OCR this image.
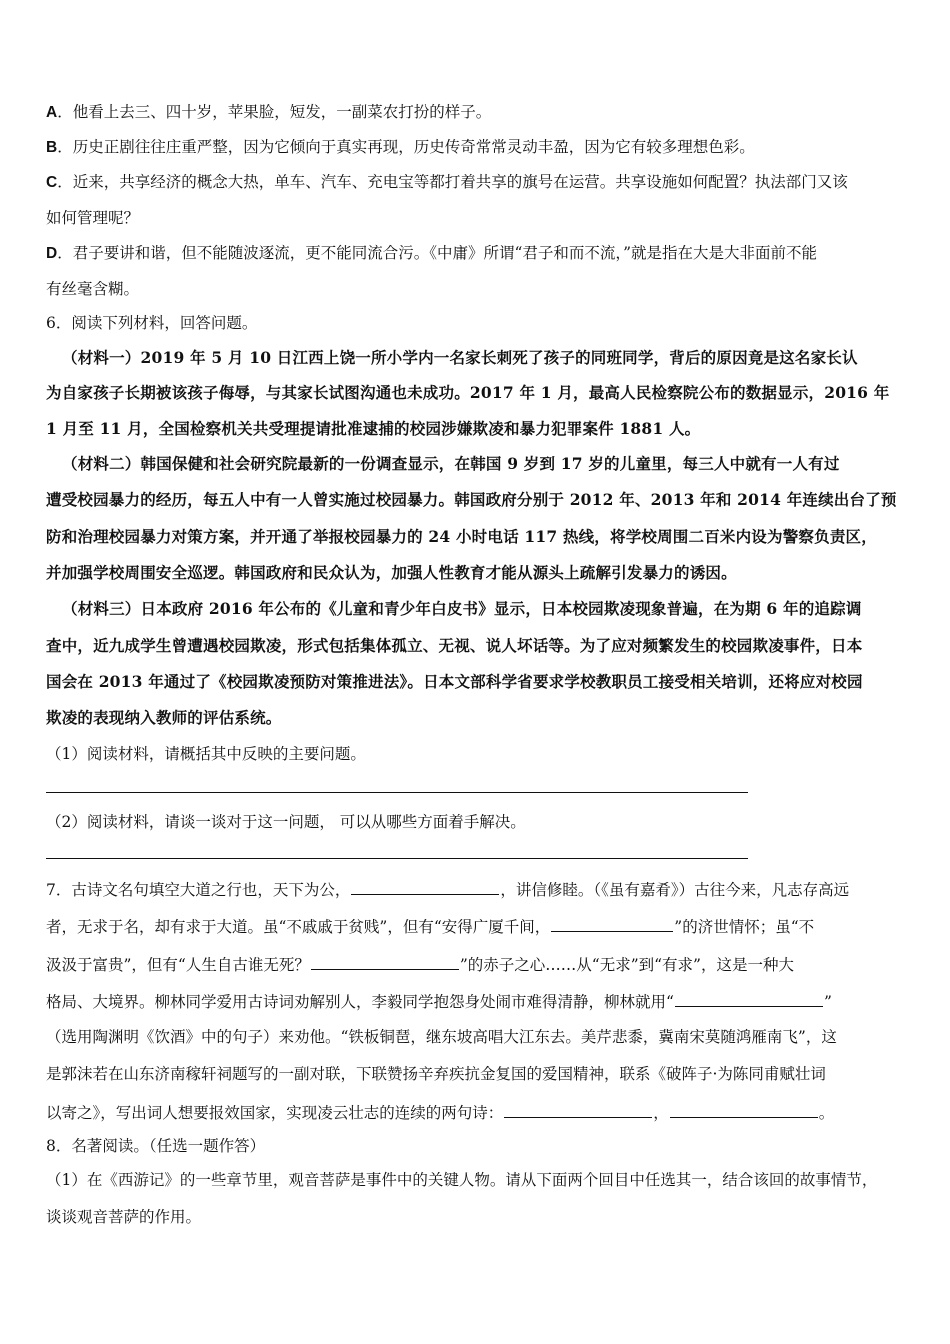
A．他看上去三、四十岁，苹果脸，短发，一副菜农打扮的样子。
B．历史正剧往往庄重严整，因为它倾向于真实再现，历史传奇常常灵动丰盈，因为它有较多理想色彩。
C．近来，共享经济的概念大热，单车、汽车、充电宝等都打着共享的旗号在运营。共享设施如何配置？执法部门又该
如何管理呢？
D．君子要讲和谐，但不能随波逐流，更不能同流合污。《中庸》所谓“君子和而不流，”就是指在大是大非面前不能
有丝毫含糊。
6．阅读下列材料，回答问题。
（材料一）2019 年 5 月 10 日江西上饶一所小学内一名家长刺死了孩子的同班同学，背后的原因竟是这名家长认
为自家孩子长期被该孩子侮辱，与其家长试图沟通也未成功。2017 年 1 月，最高人民检察院公布的数据显示，2016 年
1 月至 11 月，全国检察机关共受理提请批准逮捕的校园涉嫌欺凌和暴力犯罪案件 1881 人。
（材料二）韩国保健和社会研究院最新的一份调查显示，在韩国 9 岁到 17 岁的儿童里，每三人中就有一人有过
遭受校园暴力的经历，每五人中有一人曾实施过校园暴力。韩国政府分别于 2012 年、2013 年和 2014 年连续出台了预
防和治理校园暴力对策方案，并开通了举报校园暴力的 24 小时电话 117 热线，将学校周围二百米内设为警察负责区，
并加强学校周围安全巡逻。韩国政府和民众认为，加强人性教育才能从源头上疏解引发暴力的诱因。
（材料三）日本政府 2016 年公布的《儿童和青少年白皮书》显示，日本校园欺凌现象普遍，在为期 6 年的追踪调
查中，近九成学生曾遭遇校园欺凌，形式包括集体孤立、无视、说人坏话等。为了应对频繁发生的校园欺凌事件，日本
国会在 2013 年通过了《校园欺凌预防对策推进法》。日本文部科学省要求学校教职员工接受相关培训，还将应对校园
欺凌的表现纳入教师的评估系统。
（1）阅读材料，请概括其中反映的主要问题。
（2）阅读材料，请谈一谈对于这一问题， 可以从哪些方面着手解决。
7．古诗文名句填空大道之行也，天下为公，	，讲信修睦。（《虽有嘉肴》）古往今来，凡志存高远
者，无求于名，却有求于大道。虽“不戚戚于贫贱”，但有“安得广厦千间，	”的济世情怀；虽“不
汲汲于富贵”，但有“人生自古谁无死？	”的赤子之心……从“无求”到“有求”，这是一种大
格局、大境界。柳林同学爱用古诗词劝解别人，李毅同学抱怨身处闹市难得清静，柳林就用“	”
（选用陶渊明《饮酒》中的句子）来劝他。“铁板铜琶，继东坡高唱大江东去。美芹悲黍，冀南宋莫随鸿雁南飞”，这
是郭沫若在山东济南稼轩祠题写的一副对联，下联赞扬辛弃疾抗金复国的爱国精神，联系《破阵子·为陈同甫赋壮词
以寄之》，写出词人想要报效国家，实现凌云壮志的连续的两句诗：	，	。
8．名著阅读。（任选一题作答）
（1）在《西游记》的一些章节里，观音菩萨是事件中的关键人物。请从下面两个回目中任选其一，结合该回的故事情节，
谈谈观音菩萨的作用。
